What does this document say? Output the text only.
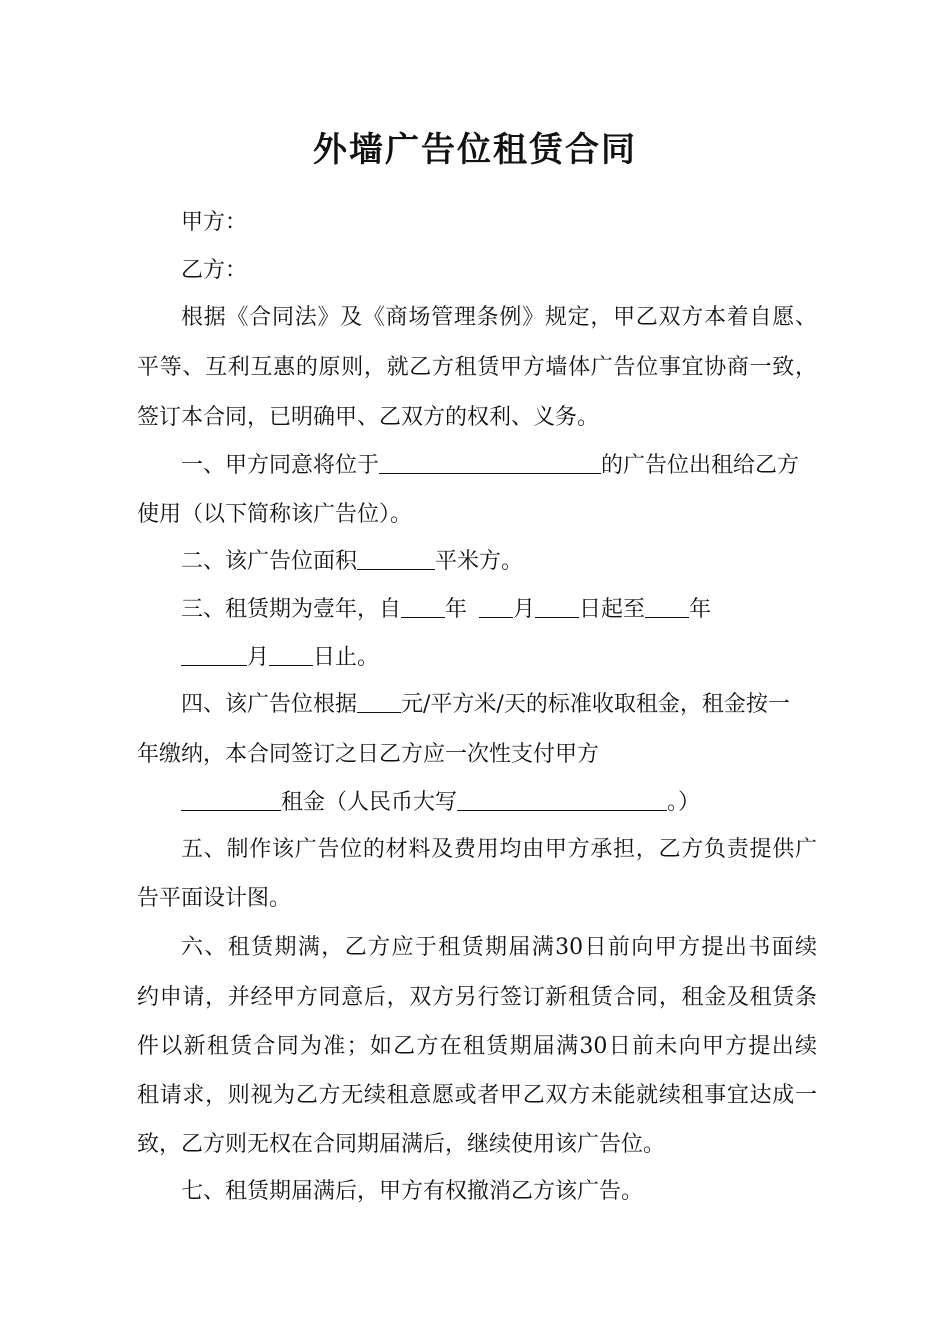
外墙广告位租赁合同
甲方：
乙方：
根据《合同法》及《商场管理条例》规定，甲乙双方本着自愿、
平等、互利互惠的原则，就乙方租赁甲方墙体广告位事宜协商一致，
签订本合同，已明确甲、乙双方的权利、义务。
一、甲方同意将位于	的广告位出租给乙方
使用（以下简称该广告位）。
二、该广告位面积	平米方。
三、租赁期为壹年，自 年 月 日起至 年
月 日止。
四、该广告位根据 元/平方米/天的标准收取租金，租金按一
年缴纳，本合同签订之日乙方应一次性支付甲方
租金（人民币大写	。）
五、制作该广告位的材料及费用均由甲方承担，乙方负责提供广
告平面设计图。
六、租赁期满，乙方应于租赁期届满30日前向甲方提出书面续
约申请，并经甲方同意后，双方另行签订新租赁合同，租金及租赁条
件以新租赁合同为准；如乙方在租赁期届满30日前未向甲方提出续
租请求，则视为乙方无续租意愿或者甲乙双方未能就续租事宜达成一
致，乙方则无权在合同期届满后，继续使用该广告位。
七、租赁期届满后，甲方有权撤消乙方该广告。
